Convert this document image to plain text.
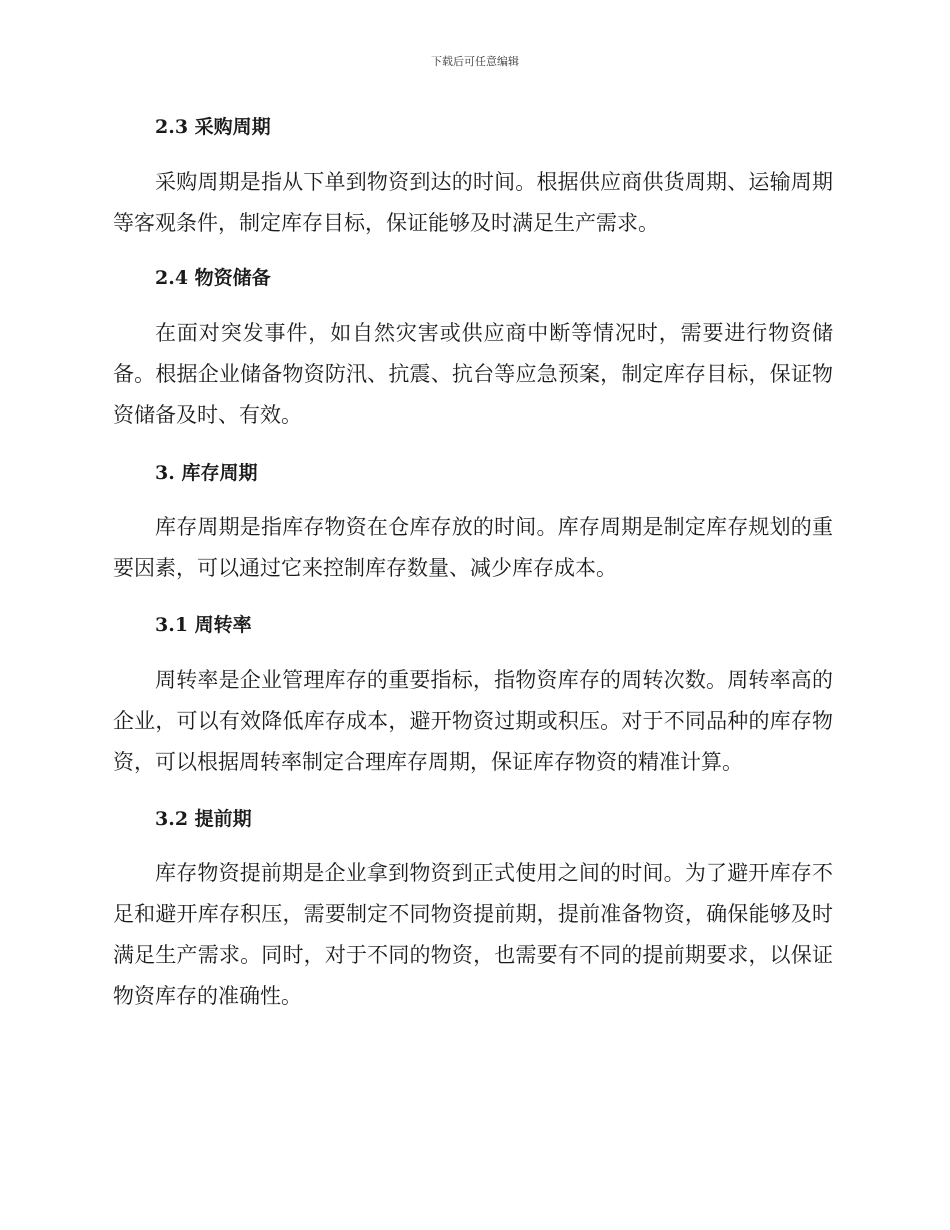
下载后可任意编辑
2.3 采购周期
采购周期是指从下单到物资到达的时间。根据供应商供货周期、运输周期等客观条件，制定库存目标，保证能够及时满足生产需求。
2.4 物资储备
在面对突发事件，如自然灾害或供应商中断等情况时，需要进行物资储备。根据企业储备物资防汛、抗震、抗台等应急预案，制定库存目标，保证物资储备及时、有效。
3. 库存周期
库存周期是指库存物资在仓库存放的时间。库存周期是制定库存规划的重要因素，可以通过它来控制库存数量、减少库存成本。
3.1 周转率
周转率是企业管理库存的重要指标，指物资库存的周转次数。周转率高的企业，可以有效降低库存成本，避开物资过期或积压。对于不同品种的库存物资，可以根据周转率制定合理库存周期，保证库存物资的精准计算。
3.2 提前期
库存物资提前期是企业拿到物资到正式使用之间的时间。为了避开库存不足和避开库存积压，需要制定不同物资提前期，提前准备物资，确保能够及时满足生产需求。同时，对于不同的物资，也需要有不同的提前期要求，以保证物资库存的准确性。
